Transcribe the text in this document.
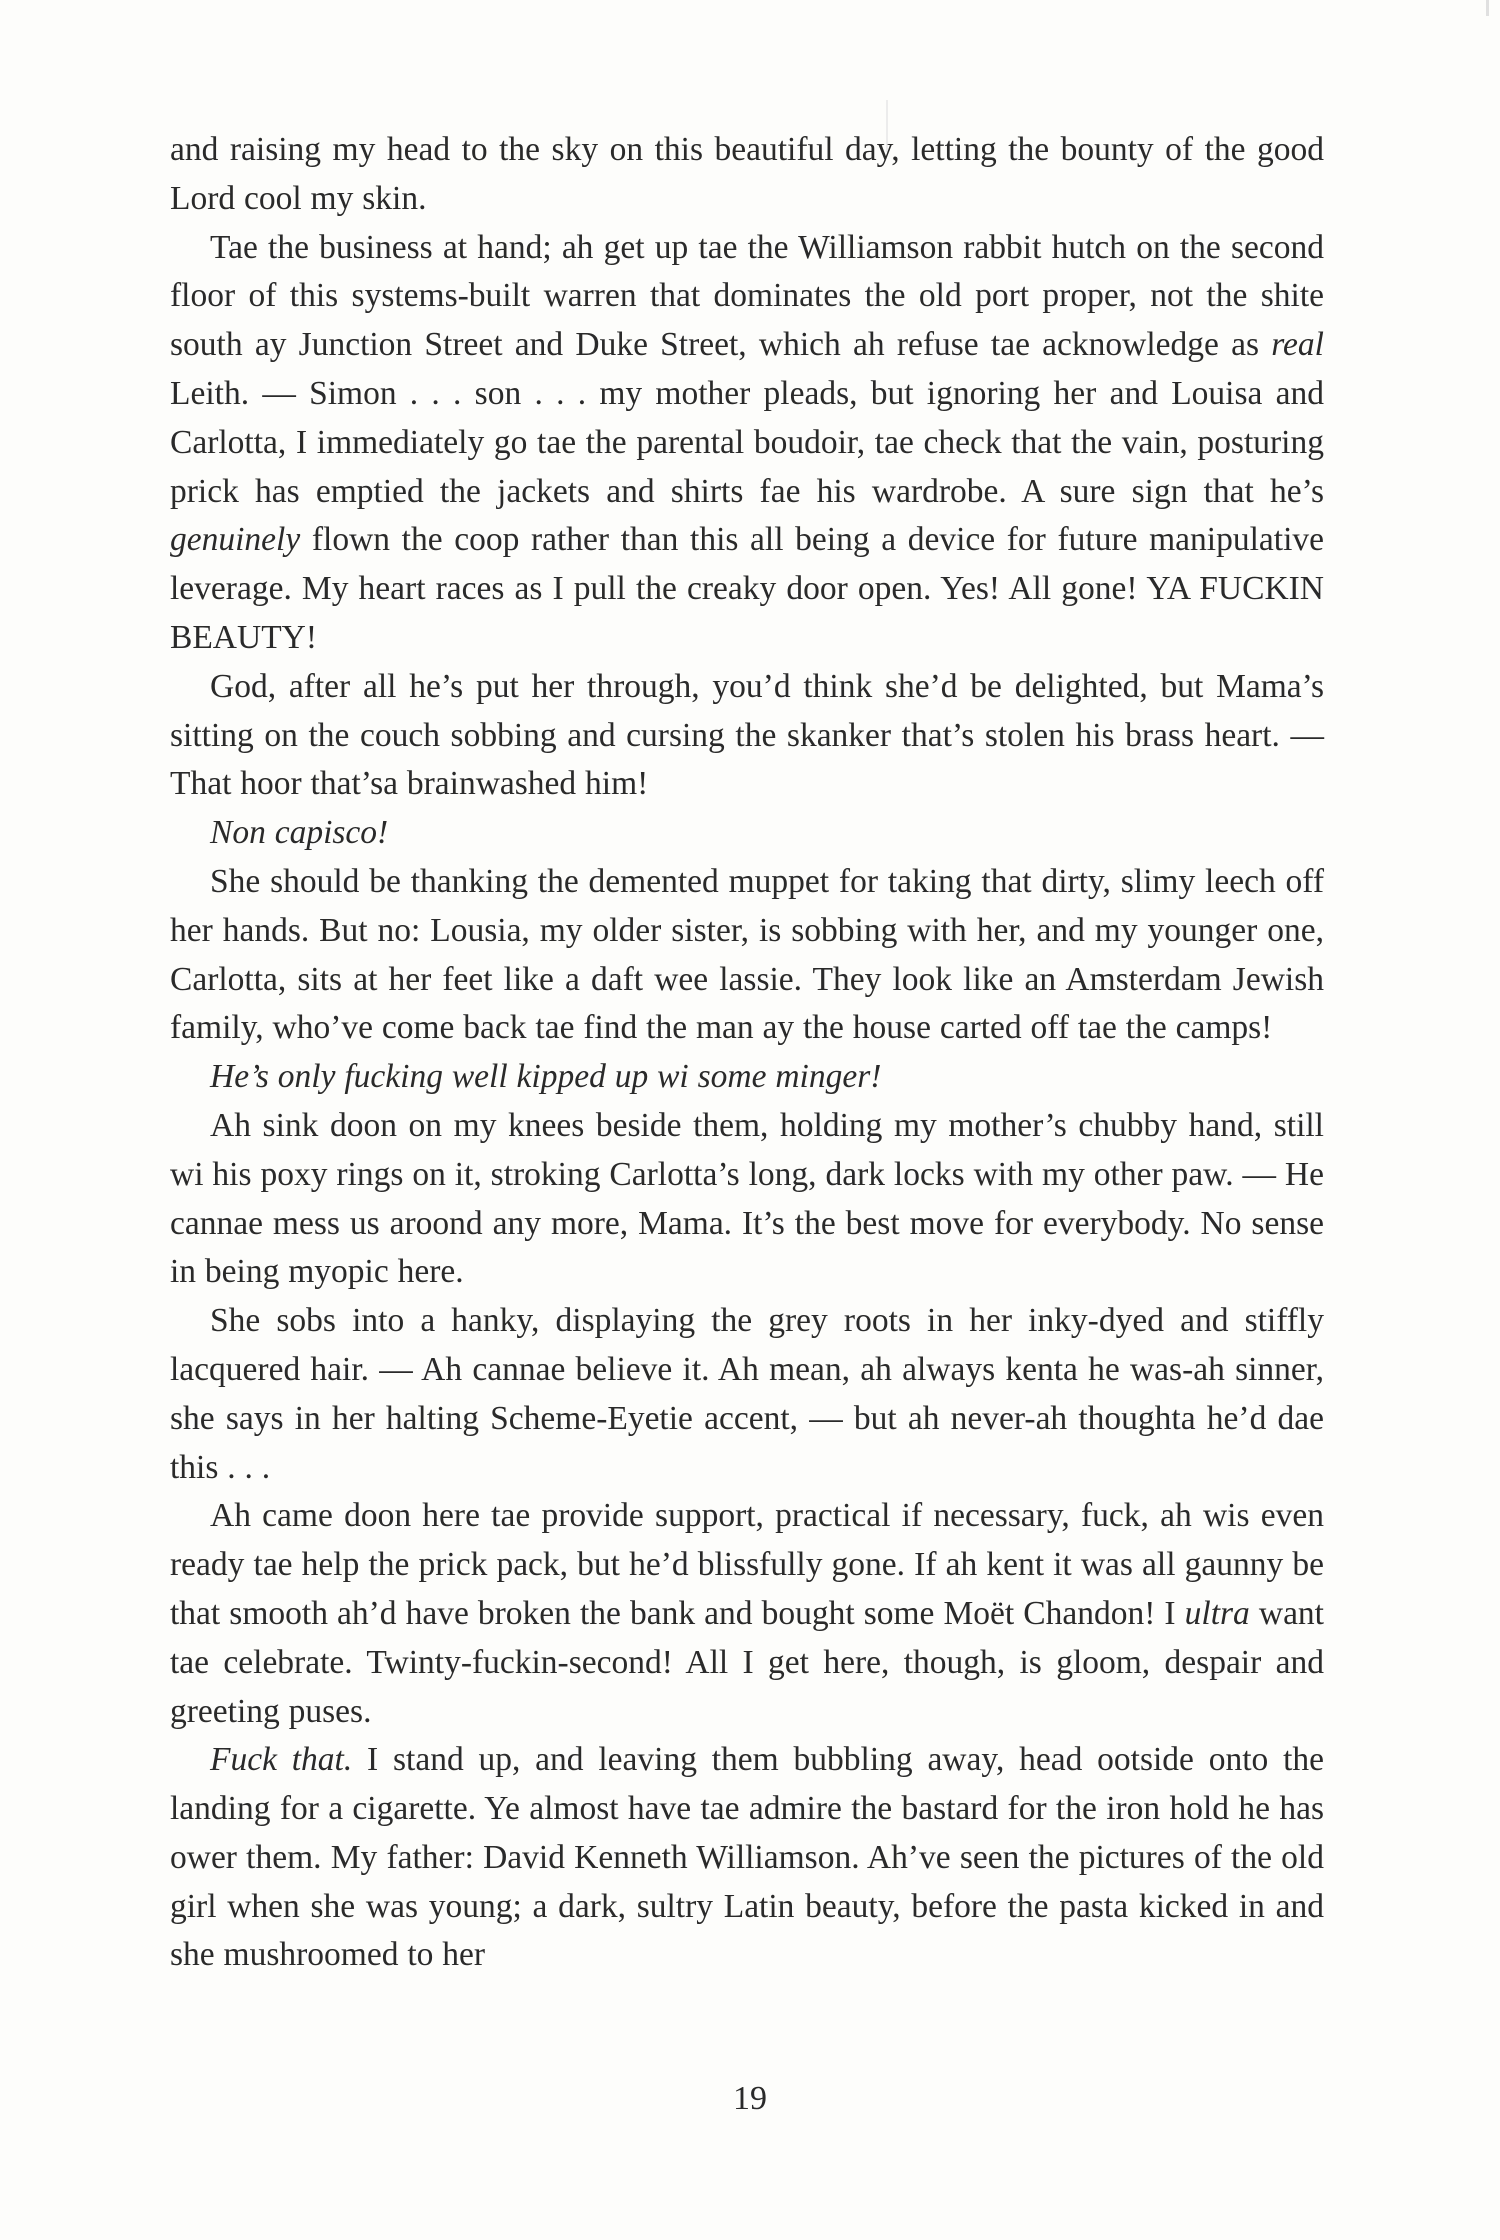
and raising my head to the sky on this beautiful day, letting the bounty of the good Lord cool my skin.

Tae the business at hand; ah get up tae the Williamson rabbit hutch on the second floor of this systems-built warren that dominates the old port proper, not the shite south ay Junction Street and Duke Street, which ah refuse tae acknowledge as real Leith. — Simon . . . son . . . my mother pleads, but ignoring her and Louisa and Carlotta, I immediately go tae the parental boudoir, tae check that the vain, posturing prick has emptied the jackets and shirts fae his wardrobe. A sure sign that he’s genuinely flown the coop rather than this all being a device for future manipulative leverage. My heart races as I pull the creaky door open. Yes! All gone! YA FUCKIN BEAUTY!

God, after all he’s put her through, you’d think she’d be delighted, but Mama’s sitting on the couch sobbing and cursing the skanker that’s stolen his brass heart. — That hoor that’sa brainwashed him!

Non capisco!

She should be thanking the demented muppet for taking that dirty, slimy leech off her hands. But no: Lousia, my older sister, is sobbing with her, and my younger one, Carlotta, sits at her feet like a daft wee lassie. They look like an Amsterdam Jewish family, who’ve come back tae find the man ay the house carted off tae the camps!

He’s only fucking well kipped up wi some minger!

Ah sink doon on my knees beside them, holding my mother’s chubby hand, still wi his poxy rings on it, stroking Carlotta’s long, dark locks with my other paw. — He cannae mess us aroond any more, Mama. It’s the best move for everybody. No sense in being myopic here.

She sobs into a hanky, displaying the grey roots in her inky-dyed and stiffly lacquered hair. — Ah cannae believe it. Ah mean, ah always kenta he was-ah sinner, she says in her halting Scheme-Eyetie accent, — but ah never-ah thoughta he’d dae this . . .

Ah came doon here tae provide support, practical if necessary, fuck, ah wis even ready tae help the prick pack, but he’d blissfully gone. If ah kent it was all gaunny be that smooth ah’d have broken the bank and bought some Moët Chandon! I ultra want tae celebrate. Twinty-fuckin-second! All I get here, though, is gloom, despair and greeting puses.

Fuck that. I stand up, and leaving them bubbling away, head ootside onto the landing for a cigarette. Ye almost have tae admire the bastard for the iron hold he has ower them. My father: David Kenneth Williamson. Ah’ve seen the pictures of the old girl when she was young; a dark, sultry Latin beauty, before the pasta kicked in and she mushroomed to her

19
